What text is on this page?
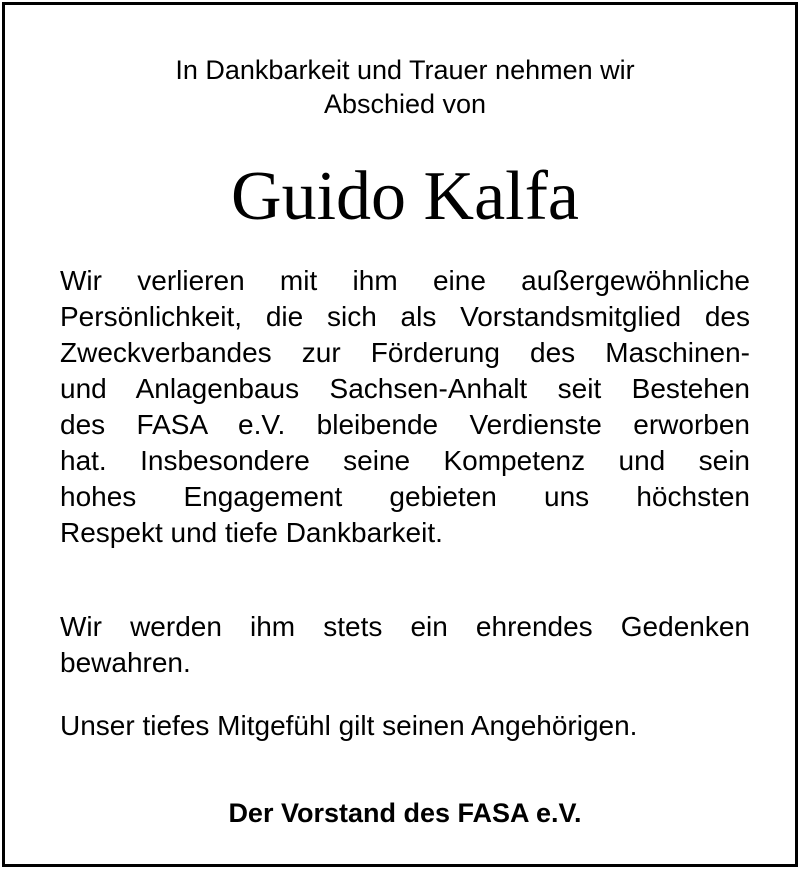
In Dankbarkeit und Trauer nehmen wir
Abschied von
Guido Kalfa
Wir verlieren mit ihm eine außergewöhnliche
Persönlichkeit, die sich als Vorstandsmitglied des
Zweckverbandes zur Förderung des Maschinen-
und Anlagenbaus Sachsen-Anhalt seit Bestehen
des FASA e.V. bleibende Verdienste erworben
hat. Insbesondere seine Kompetenz und sein
hohes Engagement gebieten uns höchsten
Respekt und tiefe Dankbarkeit.
Wir werden ihm stets ein ehrendes Gedenken
bewahren.
Unser tiefes Mitgefühl gilt seinen Angehörigen.
Der Vorstand des FASA e.V.
